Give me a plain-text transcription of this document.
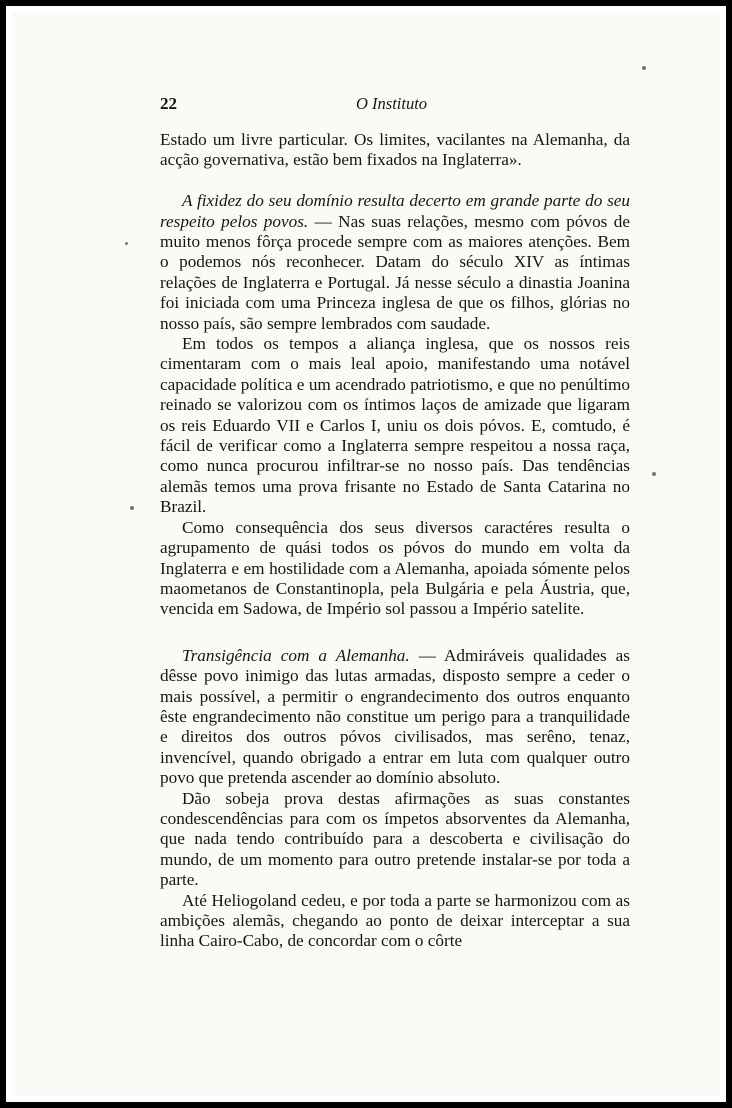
22	O Instituto

Estado um livre particular. Os limites, vacilantes na Alemanha, da acção governativa, estão bem fixados na Inglaterra».

A fixidez do seu domínio resulta decerto em grande parte do seu respeito pelos povos. — Nas suas relações, mesmo com póvos de muito menos fôrça procede sempre com as maiores atenções. Bem o podemos nós reconhecer. Datam do século XIV as íntimas relações de Inglaterra e Portugal. Já nesse século a dinastia Joanina foi iniciada com uma Princeza inglesa de que os filhos, glórias no nosso país, são sempre lembrados com saudade.

Em todos os tempos a aliança inglesa, que os nossos reis cimentaram com o mais leal apoio, manifestando uma notável capacidade política e um acendrado patriotismo, e que no penúltimo reinado se valorizou com os íntimos laços de amizade que ligaram os reis Eduardo VII e Carlos I, uniu os dois póvos. E, comtudo, é fácil de verificar como a Inglaterra sempre respeitou a nossa raça, como nunca procurou infiltrar-se no nosso país. Das tendências alemãs temos uma prova frisante no Estado de Santa Catarina no Brazil.

Como consequência dos seus diversos caractéres resulta o agrupamento de quási todos os póvos do mundo em volta da Inglaterra e em hostilidade com a Alemanha, apoiada sómente pelos maometanos de Constantinopla, pela Bulgária e pela Áustria, que, vencida em Sadowa, de Império sol passou a Império satelite.

Transigência com a Alemanha. — Admiráveis qualidades as dêsse povo inimigo das lutas armadas, disposto sempre a ceder o mais possível, a permitir o engrandecimento dos outros enquanto êste engrandecimento não constitue um perigo para a tranquilidade e direitos dos outros póvos civilisados, mas serêno, tenaz, invencível, quando obrigado a entrar em luta com qualquer outro povo que pretenda ascender ao domínio absoluto.

Dão sobeja prova destas afirmações as suas constantes condescendências para com os ímpetos absorventes da Alemanha, que nada tendo contribuído para a descoberta e civilisação do mundo, de um momento para outro pretende instalar-se por toda a parte.

Até Heliogoland cedeu, e por toda a parte se harmonizou com as ambições alemãs, chegando ao ponto de deixar interceptar a sua linha Cairo-Cabo, de concordar com o côrte
